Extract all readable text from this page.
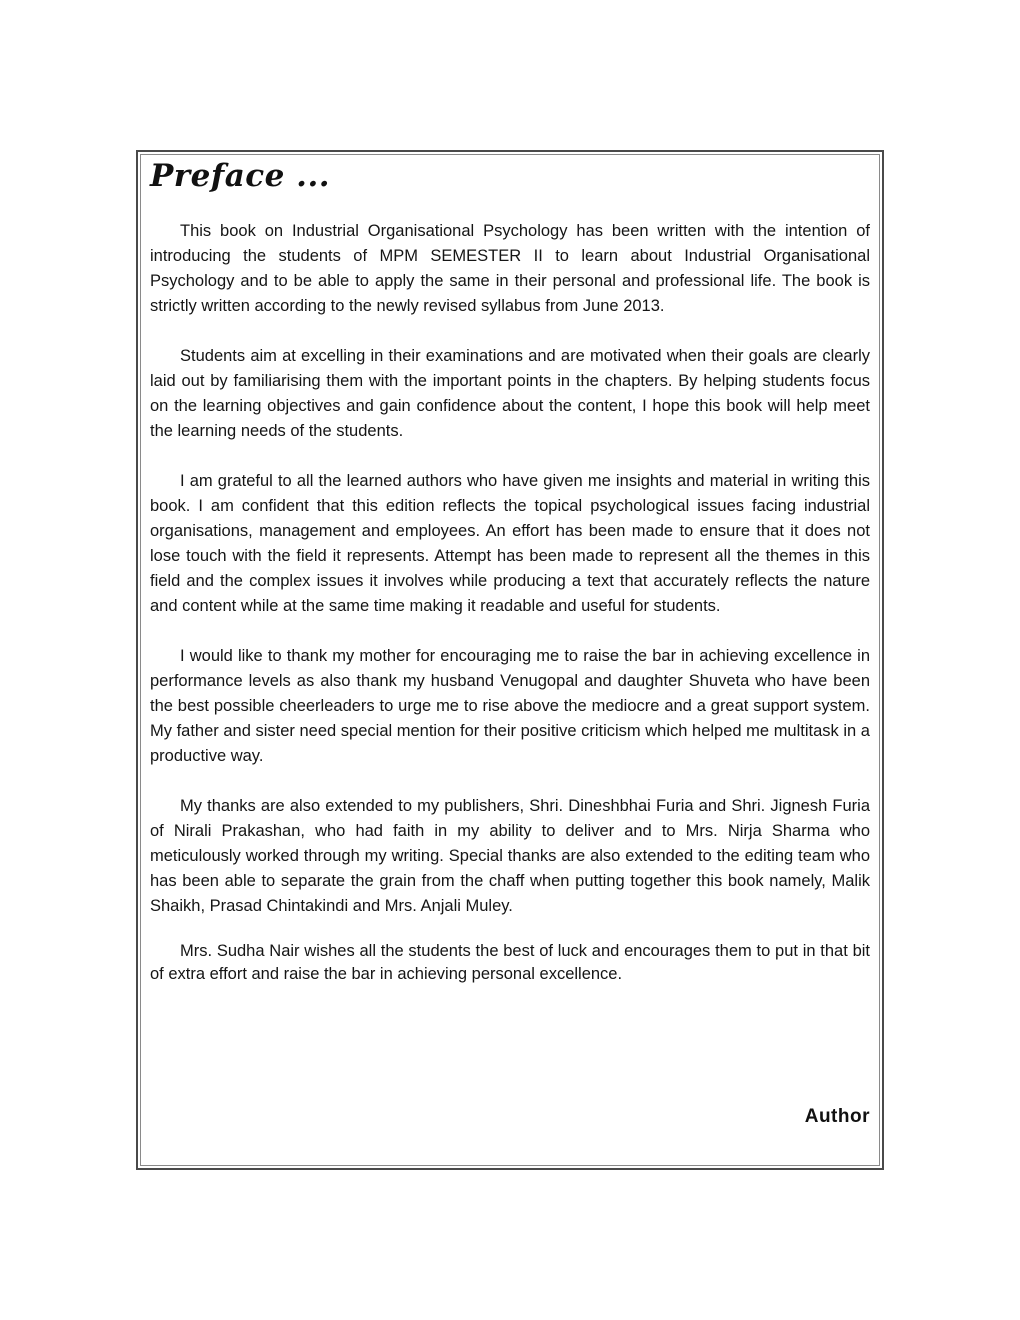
Preface ...

This book on Industrial Organisational Psychology has been written with the intention of introducing the students of MPM SEMESTER II to learn about Industrial Organisational Psychology and to be able to apply the same in their personal and professional life. The book is strictly written according to the newly revised syllabus from June 2013.

Students aim at excelling in their examinations and are motivated when their goals are clearly laid out by familiarising them with the important points in the chapters. By helping students focus on the learning objectives and gain confidence about the content, I hope this book will help meet the learning needs of the students.

I am grateful to all the learned authors who have given me insights and material in writing this book. I am confident that this edition reflects the topical psychological issues facing industrial organisations, management and employees. An effort has been made to ensure that it does not lose touch with the field it represents. Attempt has been made to represent all the themes in this field and the complex issues it involves while producing a text that accurately reflects the nature and content while at the same time making it readable and useful for students.

I would like to thank my mother for encouraging me to raise the bar in achieving excellence in performance levels as also thank my husband Venugopal and daughter Shuveta who have been the best possible cheerleaders to urge me to rise above the mediocre and a great support system. My father and sister need special mention for their positive criticism which helped me multitask in a productive way.

My thanks are also extended to my publishers, Shri. Dineshbhai Furia and Shri. Jignesh Furia of Nirali Prakashan, who had faith in my ability to deliver and to Mrs. Nirja Sharma who meticulously worked through my writing. Special thanks are also extended to the editing team who has been able to separate the grain from the chaff when putting together this book namely, Malik Shaikh, Prasad Chintakindi and Mrs. Anjali Muley.

Mrs. Sudha Nair wishes all the students the best of luck and encourages them to put in that bit of extra effort and raise the bar in achieving personal excellence.

Author
